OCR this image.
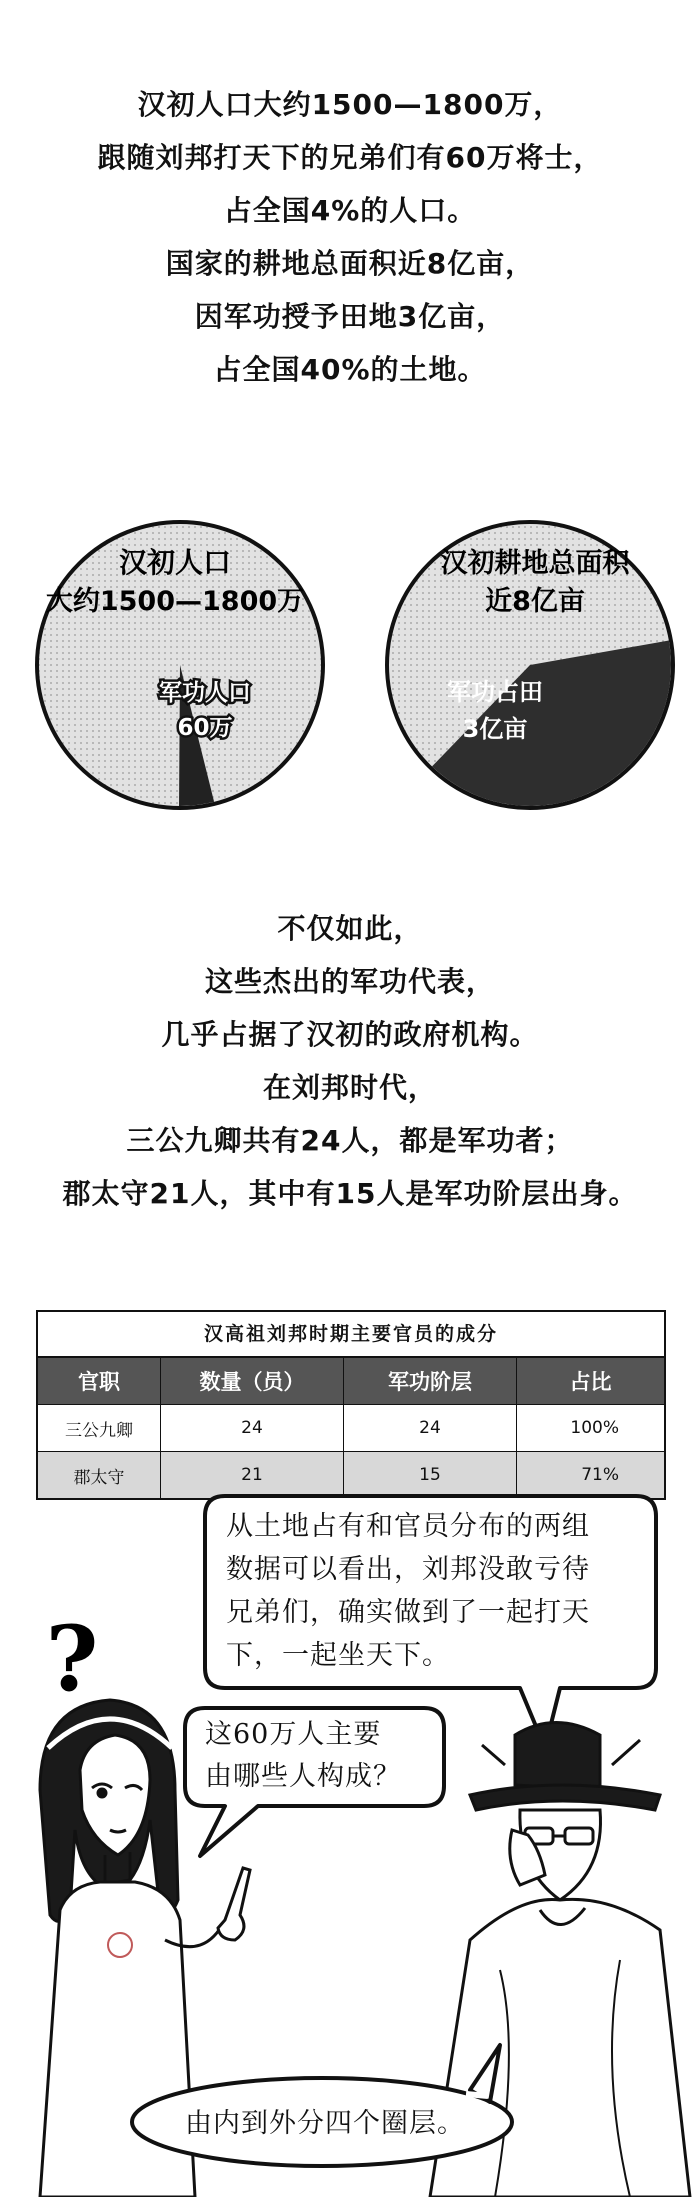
汉初人口大约1500—1800万，
跟随刘邦打天下的兄弟们有60万将士，
占全国4%的人口。
国家的耕地总面积近8亿亩，
因军功授予田地3亿亩，
占全国40%的土地。
汉初人口
大约1500—1800万
军功人口
60万
汉初耕地总面积
近8亿亩
军功占田
3亿亩
不仅如此，
这些杰出的军功代表，
几乎占据了汉初的政府机构。
在刘邦时代，
三公九卿共有24人，都是军功者；
郡太守21人，其中有15人是军功阶层出身。
汉高祖刘邦时期主要官员的成分
官职	数量（员）	军功阶层	占比
三公九卿	24	24	100%
郡太守	21	15	71%
?
从土地占有和官员分布的两组
数据可以看出，刘邦没敢亏待
兄弟们，确实做到了一起打天
下，一起坐天下。
这60万人主要
由哪些人构成？
由内到外分四个圈层。
